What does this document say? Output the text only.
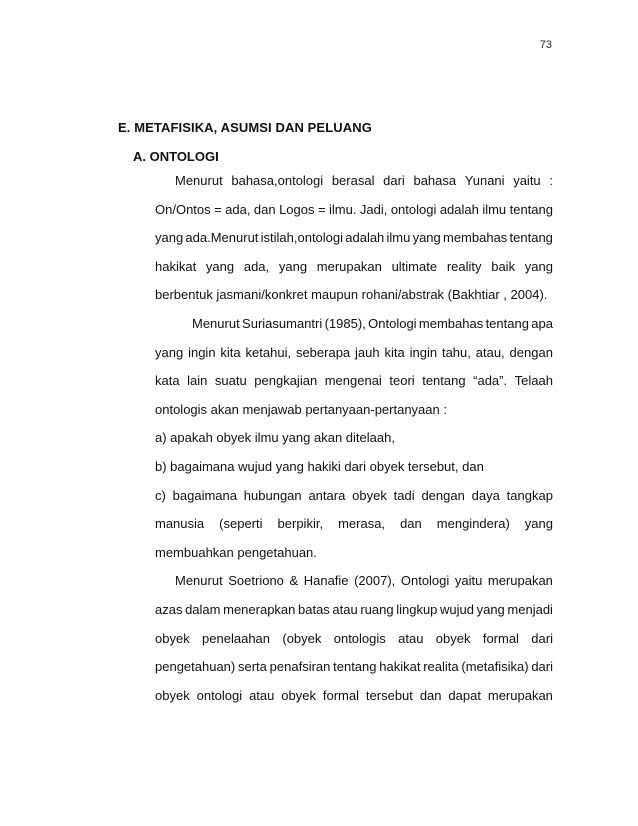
73
E. METAFISIKA, ASUMSI DAN PELUANG
A. ONTOLOGI
Menurut bahasa,ontologi berasal dari bahasa Yunani yaitu :
On/Ontos = ada, dan Logos = ilmu. Jadi, ontologi adalah ilmu tentang
yang ada.Menurut istilah,ontologi adalah ilmu yang membahas tentang
hakikat yang ada, yang merupakan ultimate reality baik yang
berbentuk jasmani/konkret maupun rohani/abstrak (Bakhtiar , 2004).
Menurut Suriasumantri (1985), Ontologi membahas tentang apa
yang ingin kita ketahui, seberapa jauh kita ingin tahu, atau, dengan
kata lain suatu pengkajian mengenai teori tentang “ada”. Telaah
ontologis akan menjawab pertanyaan-pertanyaan :
a) apakah obyek ilmu yang akan ditelaah,
b) bagaimana wujud yang hakiki dari obyek tersebut, dan
c) bagaimana hubungan antara obyek tadi dengan daya tangkap
manusia (seperti berpikir, merasa, dan mengindera) yang
membuahkan pengetahuan.
Menurut Soetriono & Hanafie (2007), Ontologi yaitu merupakan
azas dalam menerapkan batas atau ruang lingkup wujud yang menjadi
obyek penelaahan (obyek ontologis atau obyek formal dari
pengetahuan) serta penafsiran tentang hakikat realita (metafisika) dari
obyek ontologi atau obyek formal tersebut dan dapat merupakan
